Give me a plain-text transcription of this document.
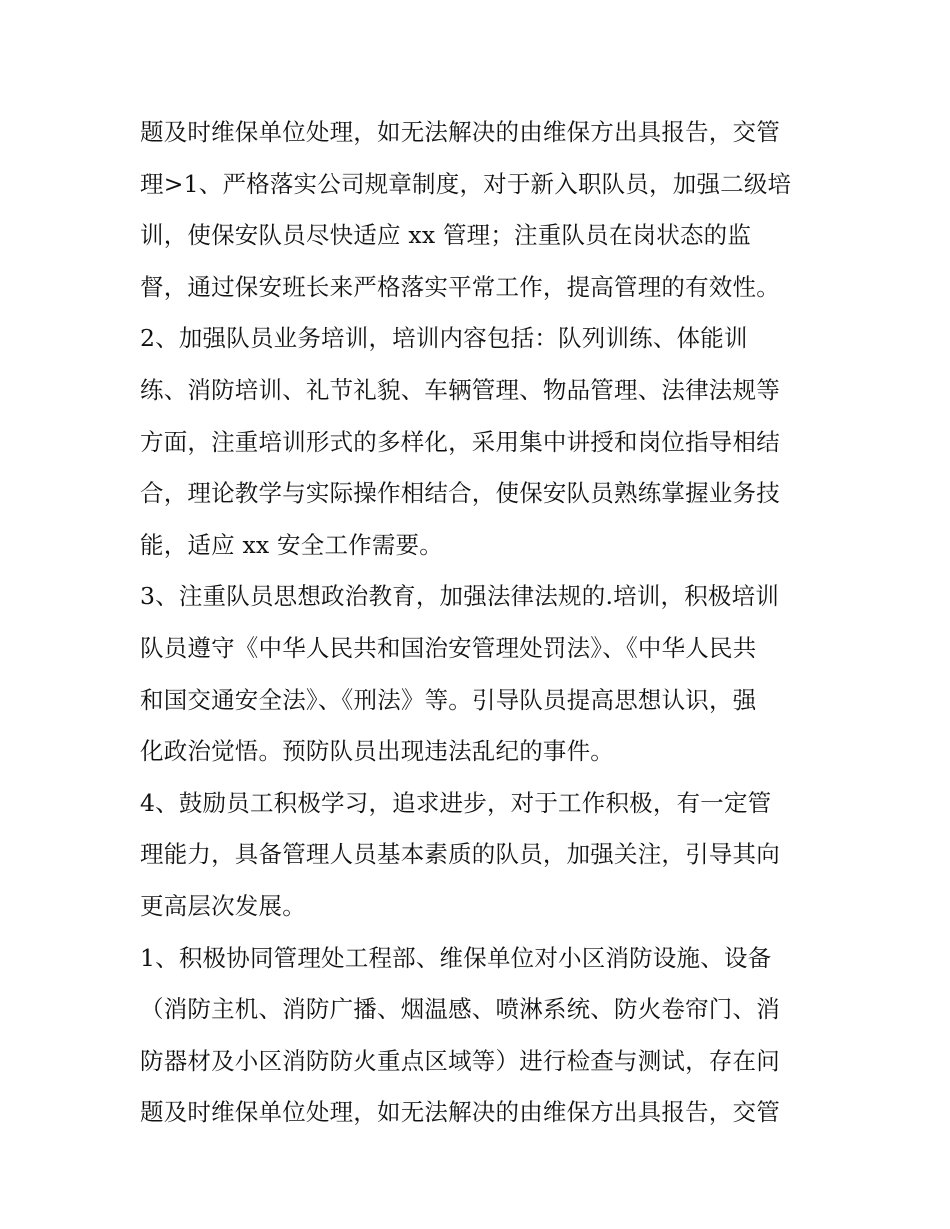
题及时维保单位处理，如无法解决的由维保方出具报告，交管
理>1、严格落实公司规章制度，对于新入职队员，加强二级培
训，使保安队员尽快适应 xx 管理；注重队员在岗状态的监
督，通过保安班长来严格落实平常工作，提高管理的有效性。
2、加强队员业务培训，培训内容包括：队列训练、体能训
练、消防培训、礼节礼貌、车辆管理、物品管理、法律法规等
方面，注重培训形式的多样化，采用集中讲授和岗位指导相结
合，理论教学与实际操作相结合，使保安队员熟练掌握业务技
能，适应 xx 安全工作需要。
3、注重队员思想政治教育，加强法律法规的.培训，积极培训
队员遵守《中华人民共和国治安管理处罚法》、《中华人民共
和国交通安全法》、《刑法》等。引导队员提高思想认识，强
化政治觉悟。预防队员出现违法乱纪的事件。
4、鼓励员工积极学习，追求进步，对于工作积极，有一定管
理能力，具备管理人员基本素质的队员，加强关注，引导其向
更高层次发展。
1、积极协同管理处工程部、维保单位对小区消防设施、设备
（消防主机、消防广播、烟温感、喷淋系统、防火卷帘门、消
防器材及小区消防防火重点区域等）进行检查与测试，存在问
题及时维保单位处理，如无法解决的由维保方出具报告，交管
